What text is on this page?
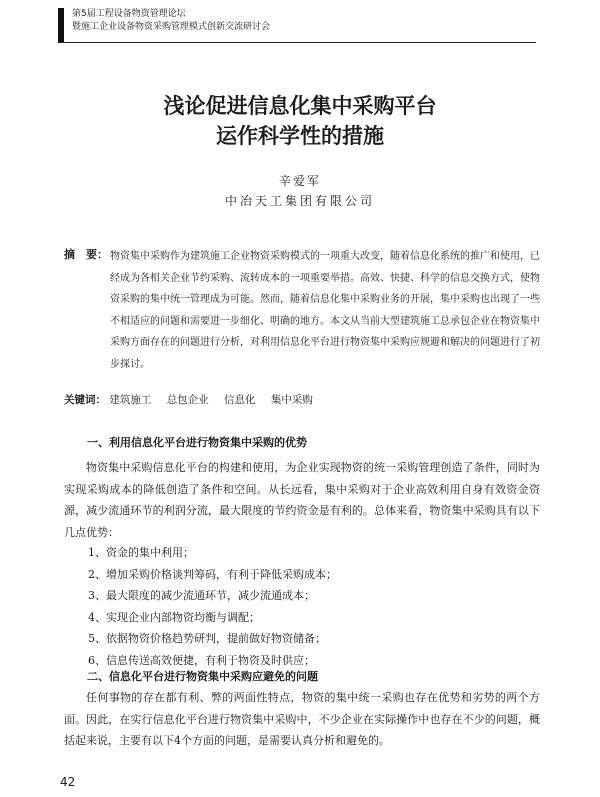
第5届工程设备物资管理论坛
暨施工企业设备物资采购管理模式创新交流研讨会
浅论促进信息化集中采购平台
运作科学性的措施
辛爱军
中冶天工集团有限公司
摘　要： 物资集中采购作为建筑施工企业物资采购模式的一项重大改变，随着信息化系统的推广和使用，已经成为各相关企业节约采购、流转成本的一项重要举措。高效、快捷、科学的信息交换方式，使物资采购的集中统一管理成为可能。然而，随着信息化集中采购业务的开展，集中采购也出现了一些不相适应的问题和需要进一步细化、明确的地方。本文从当前大型建筑施工总承包企业在物资集中采购方面存在的问题进行分析，对利用信息化平台进行物资集中采购应规避和解决的问题进行了初步探讨。
关键词： 建筑施工 总包企业 信息化 集中采购
一、利用信息化平台进行物资集中采购的优势
物资集中采购信息化平台的构建和使用，为企业实现物资的统一采购管理创造了条件，同时为实现采购成本的降低创造了条件和空间。从长远看，集中采购对于企业高效利用自身有效资金资源，减少流通环节的利润分流，最大限度的节约资金是有利的。总体来看，物资集中采购具有以下几点优势：
1、资金的集中利用；
2、增加采购价格谈判筹码，有利于降低采购成本；
3、最大限度的减少流通环节，减少流通成本；
4、实现企业内部物资均衡与调配；
5、依据物资价格趋势研判，提前做好物资储备；
6、信息传送高效便捷，有利于物资及时供应；
二、信息化平台进行物资集中采购应避免的问题
任何事物的存在都有利、弊的两面性特点，物资的集中统一采购也存在优势和劣势的两个方面。因此，在实行信息化平台进行物资集中采购中，不少企业在实际操作中也存在不少的问题，概括起来说，主要有以下4个方面的问题，是需要认真分析和避免的。
42
